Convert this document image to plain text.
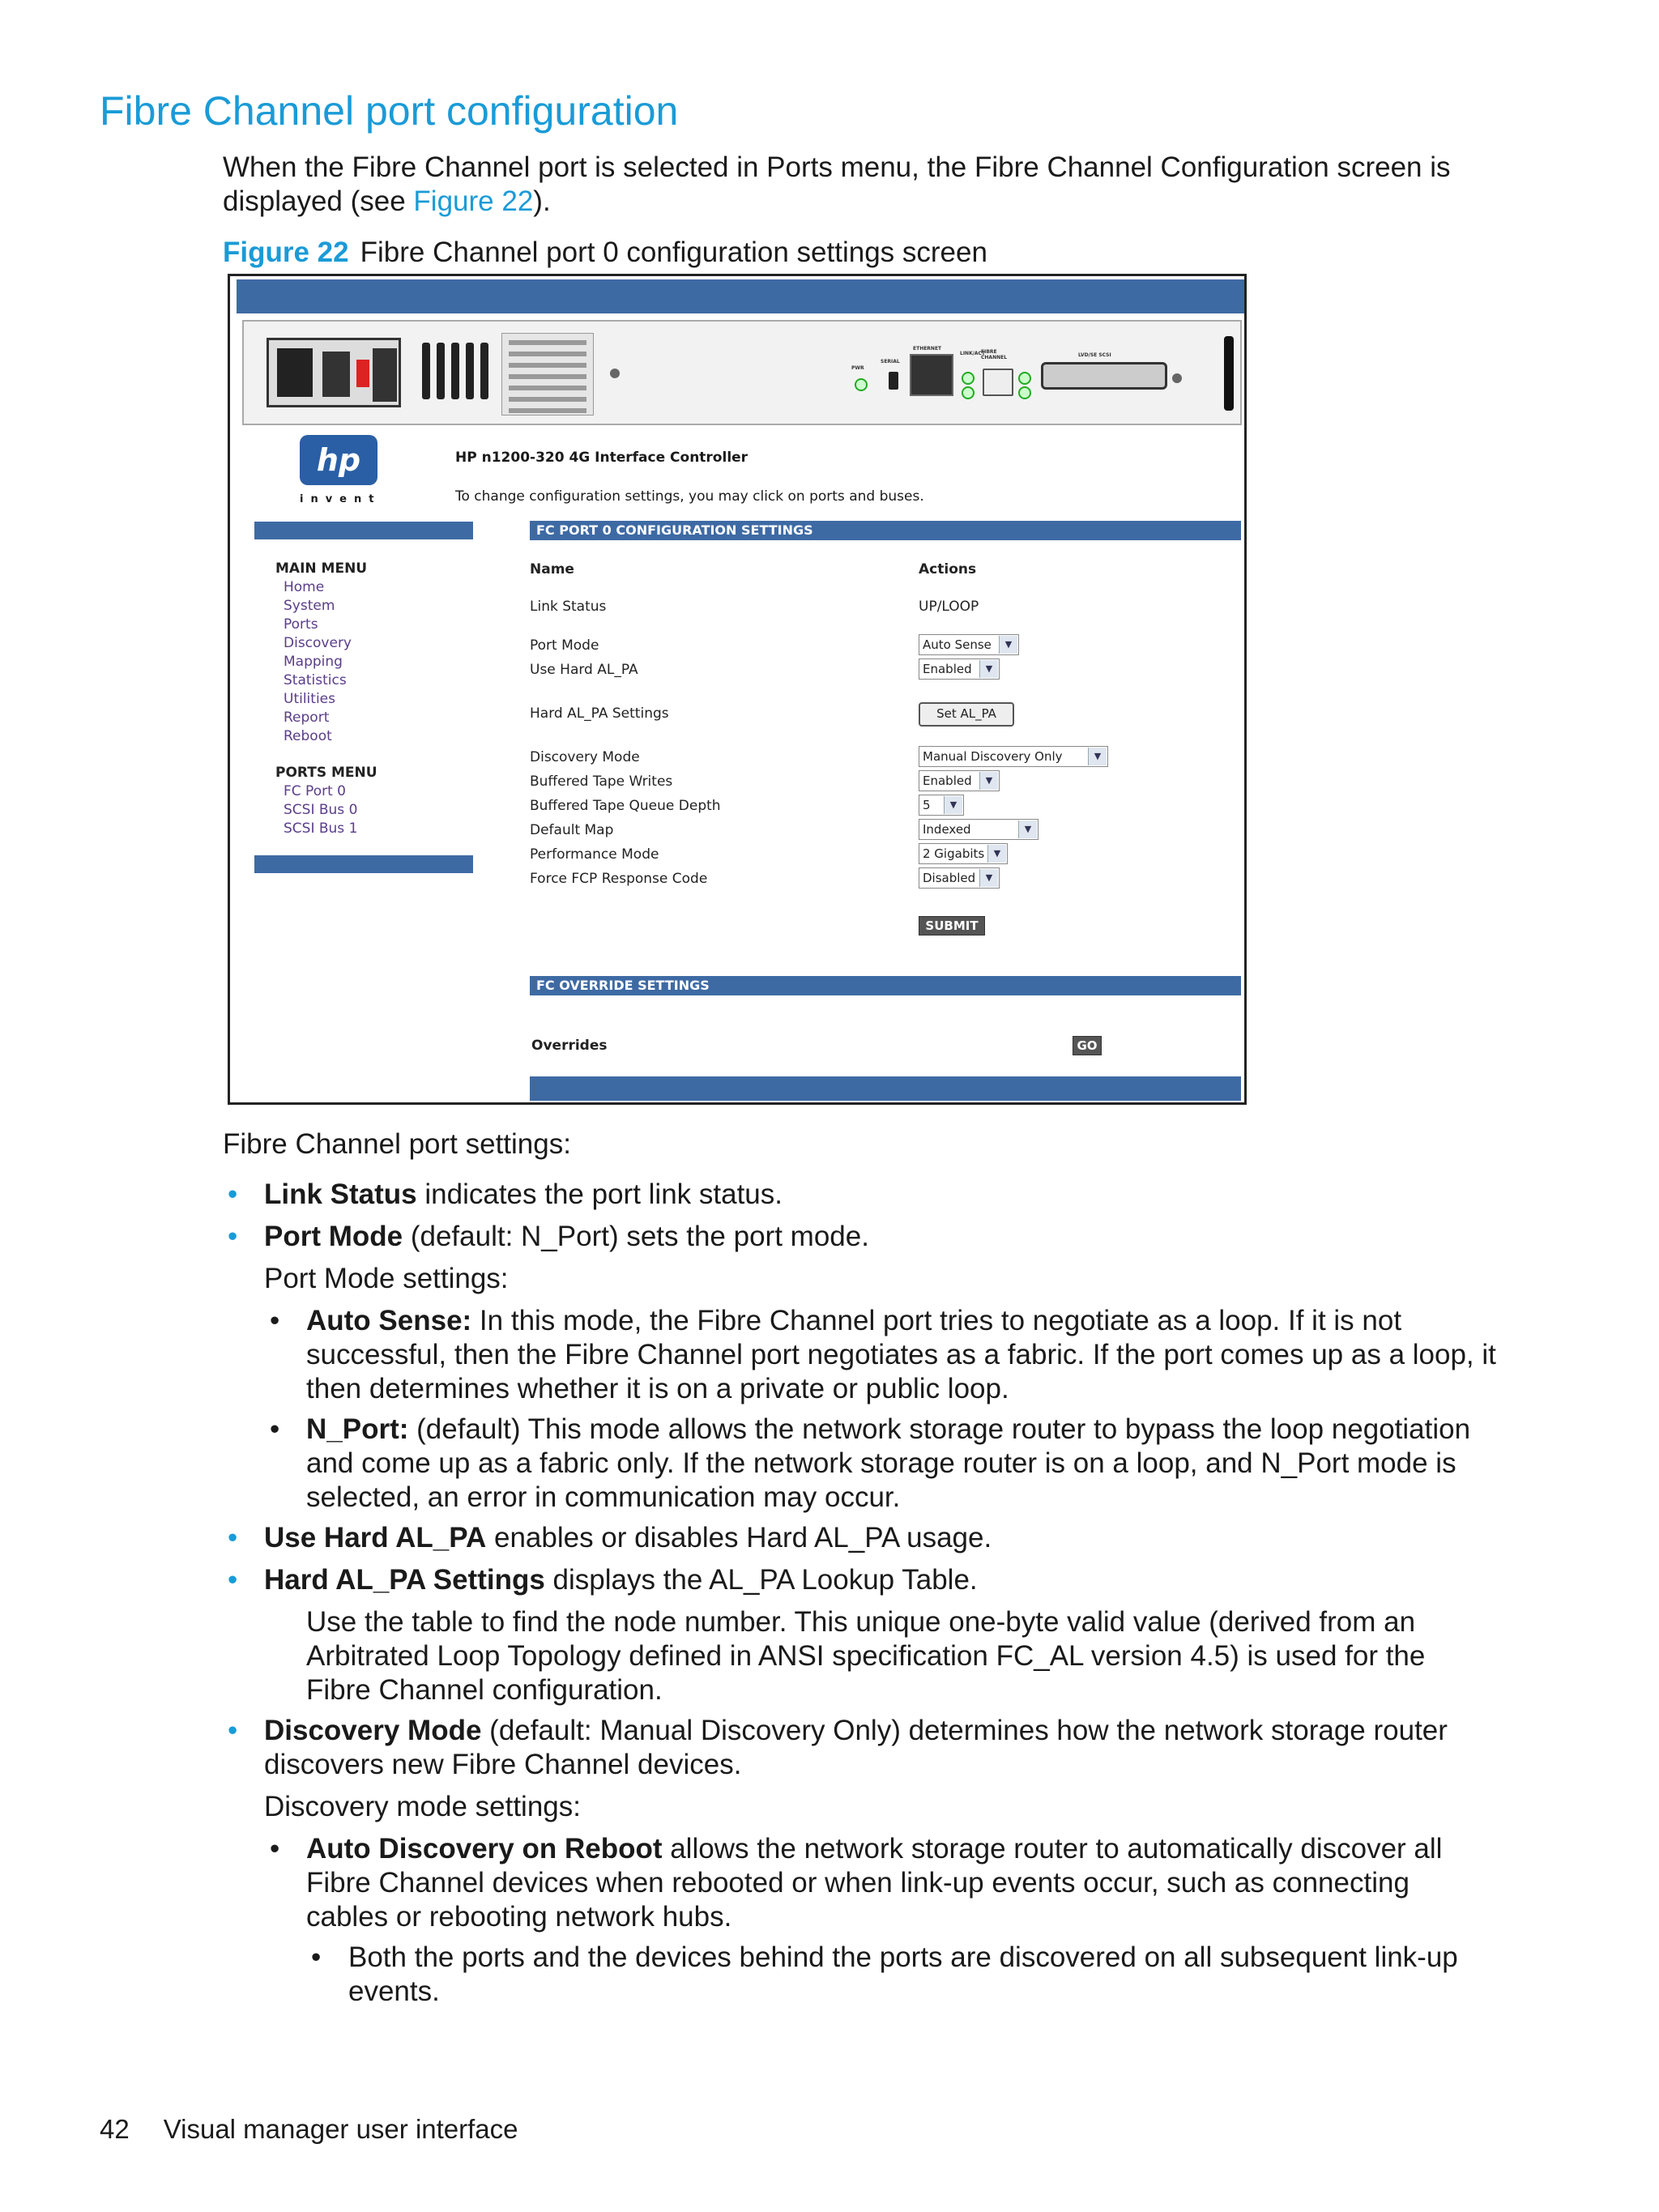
Fibre Channel port configuration

When the Fibre Channel port is selected in Ports menu, the Fibre Channel Configuration screen is displayed (see Figure 22).

Figure 22 Fibre Channel port 0 configuration settings screen

PWR
SERIAL
ETHERNET
LINK/ACT
FIBRE CHANNEL	LVD/SE SCSI
hp
invent
HP n1200-320 4G Interface Controller
To change configuration settings, you may click on ports and buses.
MAIN MENU
Home
System
Ports
Discovery
Mapping
Statistics
Utilities
Report
Reboot
PORTS MENU
FC Port 0
SCSI Bus 0
SCSI Bus 1
FC PORT 0 CONFIGURATION SETTINGS
Name	Actions
Link Status	UP/LOOP
Port Mode	Auto Sense	▼
Use Hard AL_PA	Enabled	▼
Hard AL_PA Settings	Set AL_PA
Discovery Mode	Manual Discovery Only	▼
Buffered Tape Writes	Enabled	▼
Buffered Tape Queue Depth	5	▼
Default Map	Indexed	▼
Performance Mode	2 Gigabits	▼
Force FCP Response Code	Disabled	▼
SUBMIT
FC OVERRIDE SETTINGS
Overrides	GO

Fibre Channel port settings:

• Link Status indicates the port link status.

• Port Mode (default: N_Port) sets the port mode.

Port Mode settings:

• Auto Sense: In this mode, the Fibre Channel port tries to negotiate as a loop. If it is not successful, then the Fibre Channel port negotiates as a fabric. If the port comes up as a loop, it then determines whether it is on a private or public loop.

• N_Port: (default) This mode allows the network storage router to bypass the loop negotiation and come up as a fabric only. If the network storage router is on a loop, and N_Port mode is selected, an error in communication may occur.

• Use Hard AL_PA enables or disables Hard AL_PA usage.

• Hard AL_PA Settings displays the AL_PA Lookup Table.

Use the table to find the node number. This unique one-byte valid value (derived from an Arbitrated Loop Topology defined in ANSI specification FC_AL version 4.5) is used for the Fibre Channel configuration.

• Discovery Mode (default: Manual Discovery Only) determines how the network storage router discovers new Fibre Channel devices.

Discovery mode settings:

• Auto Discovery on Reboot allows the network storage router to automatically discover all Fibre Channel devices when rebooted or when link-up events occur, such as connecting cables or rebooting network hubs.

• Both the ports and the devices behind the ports are discovered on all subsequent link-up events.

42 Visual manager user interface
